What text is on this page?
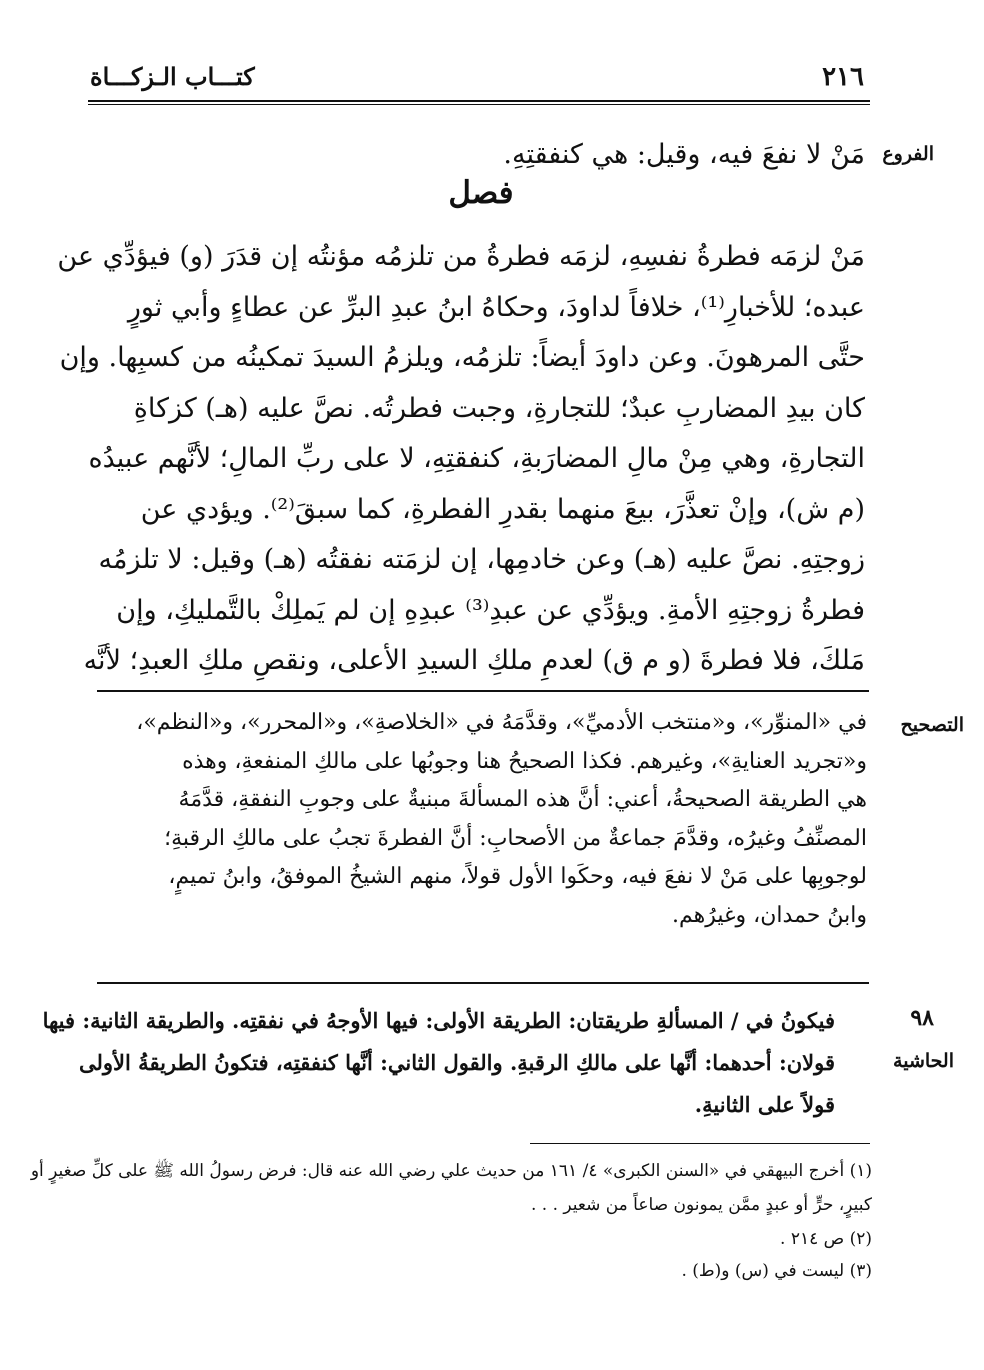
٢١٦
كتـــاب الـزكـــاة
الفروع
مَنْ لا نفعَ فيه، وقيل: هي كنفقتِهِ.
فصل
مَنْ لزمَه فطرةُ نفسِهِ، لزمَه فطرةُ من تلزمُه مؤنتُه إن قدَرَ (و) فيؤدِّي عن
عبده؛ للأخبارِ⁽¹⁾، خلافاً لداودَ، وحكاهُ ابنُ عبدِ البرِّ عن عطاءٍ وأبي ثورٍ
حتَّى المرهونَ. وعن داودَ أيضاً: تلزمُه، ويلزمُ السيدَ تمكينُه من كسبِها. وإن
كان بيدِ المضاربِ عبدٌ؛ للتجارةِ، وجبت فطرتُه. نصَّ عليه (هـ) كزكاةِ
التجارةِ، وهي مِنْ مالِ المضارَبةِ، كنفقتِهِ، لا على ربِّ المالِ؛ لأنَّهم عبيدُه
(م ش)، وإنْ تعذَّرَ، بيعَ منهما بقدرِ الفطرةِ، كما سبقَ⁽²⁾. ويؤدي عن
زوجتِهِ. نصَّ عليه (هـ) وعن خادمِها، إن لزمَته نفقتُه (هـ) وقيل: لا تلزمُه
فطرةُ زوجتِهِ الأمةِ. ويؤدِّي عن عبدِ⁽³⁾ عبدِهِ إن لم يَملِكْ بالتَّمليكِ، وإن
مَلكَ، فلا فطرةَ (و م ق) لعدمِ ملكِ السيدِ الأعلى، ونقصِ ملكِ العبدِ؛ لأنَّه
التصحيح
في «المنوِّر»، و«منتخب الأدميِّ»، وقدَّمَهُ في «الخلاصةِ»، و«المحرر»، و«النظم»،
و«تجريد العنايةِ»، وغيرهم. فكذا الصحيحُ هنا وجوبُها على مالكِ المنفعةِ، وهذه
هي الطريقة الصحيحةُ، أعني: أنَّ هذه المسألةَ مبنيةٌ على وجوبِ النفقةِ، قدَّمَهُ
المصنِّفُ وغيرُه، وقدَّمَ جماعةٌ من الأصحابِ: أنَّ الفطرةَ تجبُ على مالكِ الرقبةِ؛
لوجوبِها على مَنْ لا نفعَ فيه، وحكَوا الأول قولاً، منهم الشيخُ الموفقُ، وابنُ تميمٍ،
وابنُ حمدان، وغيرُهم.
٩٨
الحاشية
فيكونُ في / المسألةِ طريقتان: الطريقة الأولى: فيها الأوجهُ في نفقتِه. والطريقة الثانية: فيها
قولان: أحدهما: أنَّها على مالكِ الرقبةِ. والقول الثاني: أنَّها كنفقتِه، فتكونُ الطريقةُ الأولى
قولاً على الثانيةِ.
(١) أخرج البيهقي في «السنن الكبرى» ٤/ ١٦١ من حديث علي رضي الله عنه قال: فرض رسولُ الله ﷺ على كلِّ صغيرٍ أو
كبيرٍ، حرٍّ أو عبدٍ ممَّن يمونون صاعاً من شعير . . .
(٢) ص ٢١٤ .
(٣) ليست في (س) و(ط) .
